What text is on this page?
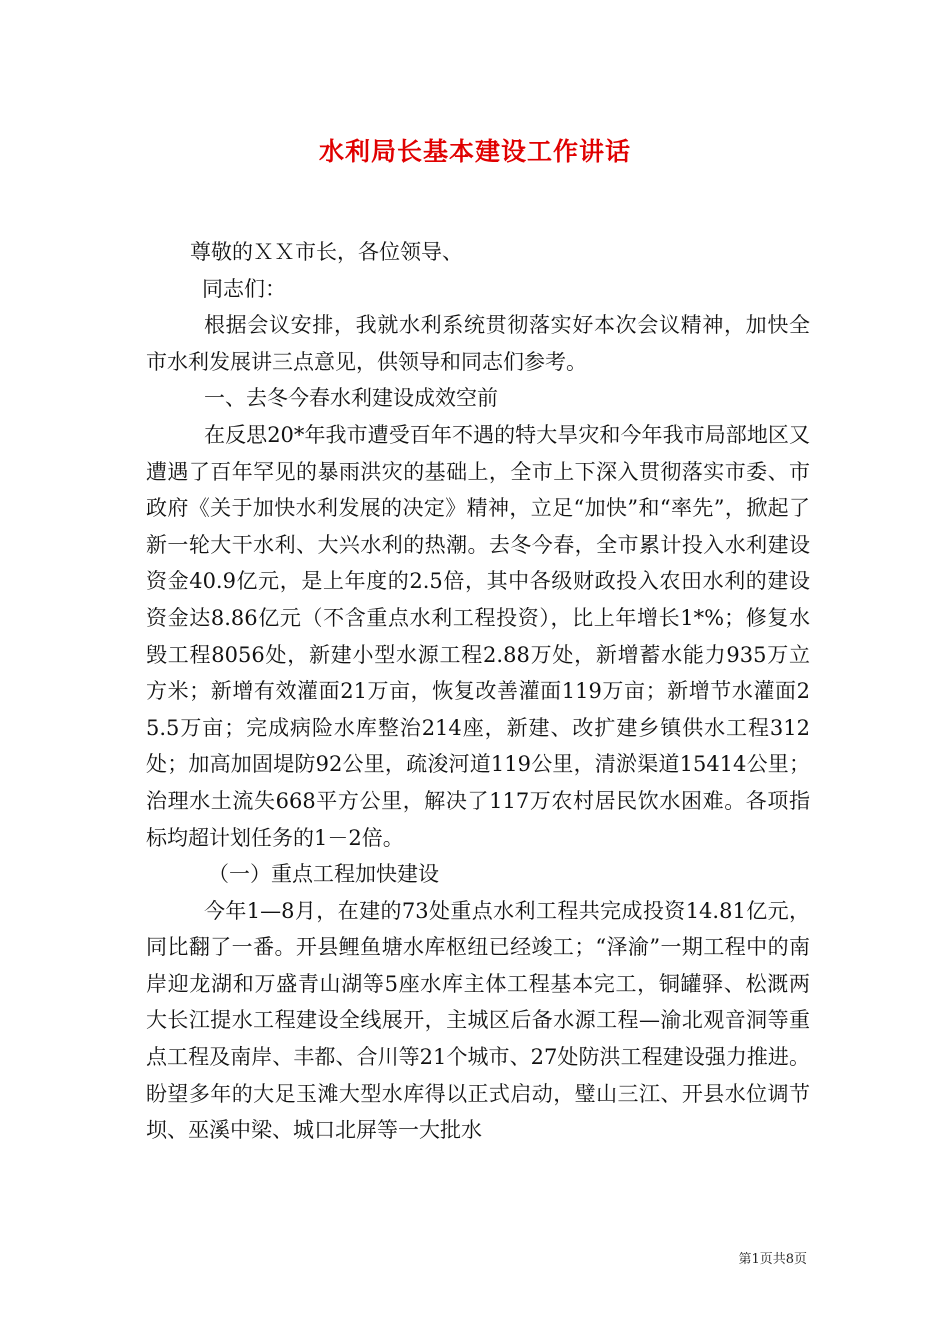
水利局长基本建设工作讲话

尊敬的ＸＸ市长，各位领导、

同志们：

根据会议安排，我就水利系统贯彻落实好本次会议精神，加快全市水利发展讲三点意见，供领导和同志们参考。

一、去冬今春水利建设成效空前

在反思20*年我市遭受百年不遇的特大旱灾和今年我市局部地区又遭遇了百年罕见的暴雨洪灾的基础上，全市上下深入贯彻落实市委、市政府《关于加快水利发展的决定》精神，立足“加快”和“率先”，掀起了新一轮大干水利、大兴水利的热潮。去冬今春，全市累计投入水利建设资金40.9亿元，是上年度的2.5倍，其中各级财政投入农田水利的建设资金达8.86亿元（不含重点水利工程投资），比上年增长1*%；修复水毁工程8056处，新建小型水源工程2.88万处，新增蓄水能力935万立方米；新增有效灌面21万亩，恢复改善灌面119万亩；新增节水灌面25.5万亩；完成病险水库整治214座，新建、改扩建乡镇供水工程312处；加高加固堤防92公里，疏浚河道119公里，清淤渠道15414公里；治理水土流失668平方公里，解决了117万农村居民饮水困难。各项指标均超计划任务的1－2倍。

（一）重点工程加快建设

今年1—8月，在建的73处重点水利工程共完成投资14.81亿元，同比翻了一番。开县鲤鱼塘水库枢纽已经竣工；“泽渝”一期工程中的南岸迎龙湖和万盛青山湖等5座水库主体工程基本完工，铜罐驿、松溉两大长江提水工程建设全线展开，主城区后备水源工程—渝北观音洞等重点工程及南岸、丰都、合川等21个城市、27处防洪工程建设强力推进。盼望多年的大足玉滩大型水库得以正式启动，璧山三江、开县水位调节坝、巫溪中梁、城口北屏等一大批水

第1页共8页
